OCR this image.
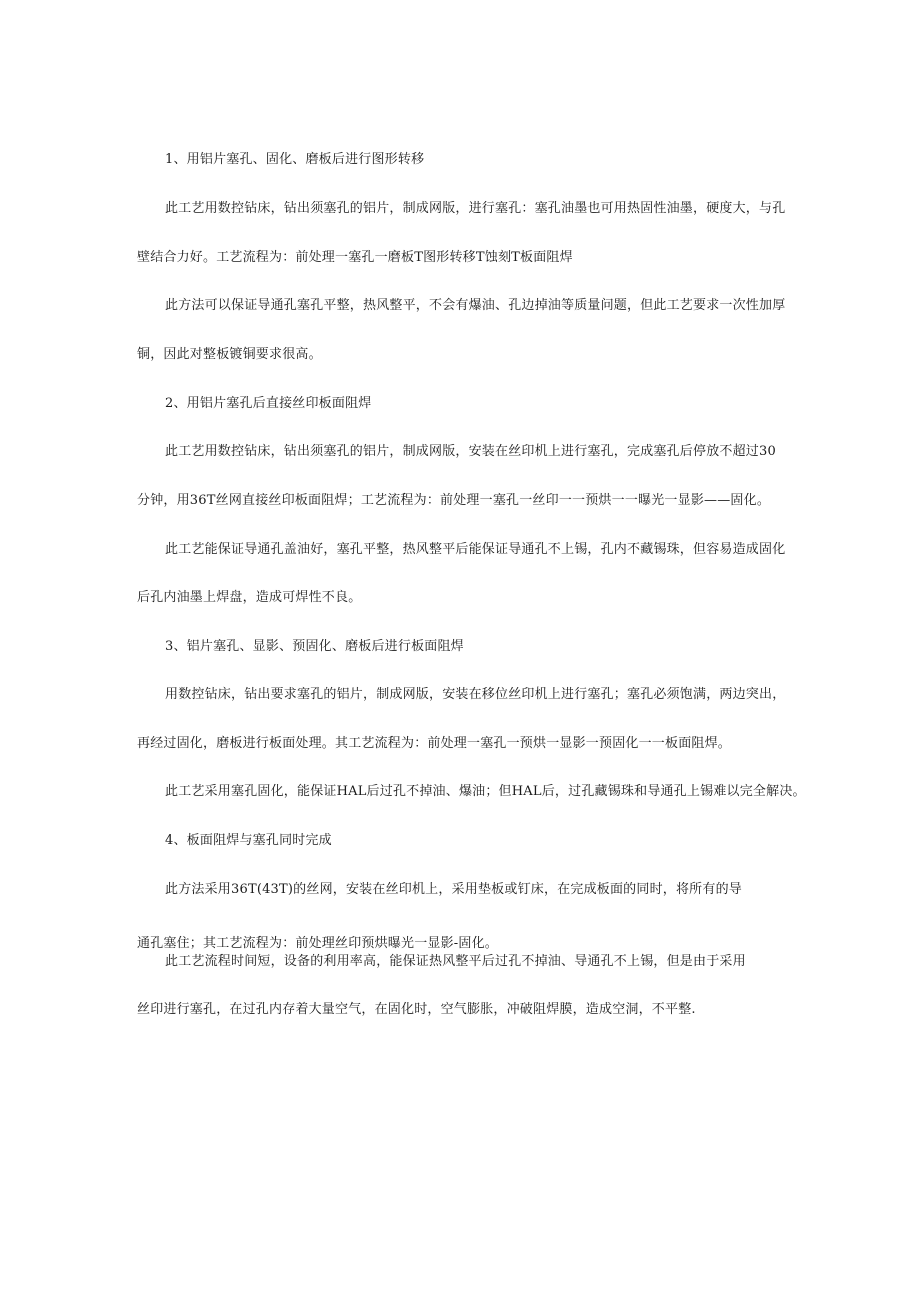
1、用铝片塞孔、固化、磨板后进行图形转移
此工艺用数控钻床，钻出须塞孔的铝片，制成网版，进行塞孔：塞孔油墨也可用热固性油墨，硬度大，与孔
壁结合力好。工艺流程为：前处理一塞孔一磨板T图形转移T蚀刻T板面阻焊
此方法可以保证导通孔塞孔平整，热风整平，不会有爆油、孔边掉油等质量问题，但此工艺要求一次性加厚
铜，因此对整板镀铜要求很高。
2、用铝片塞孔后直接丝印板面阻焊
此工艺用数控钻床，钻出须塞孔的铝片，制成网版，安装在丝印机上进行塞孔，完成塞孔后停放不超过30
分钟，用36T丝网直接丝印板面阻焊；工艺流程为：前处理一塞孔一丝印一一预烘一一曝光一显影——固化。
此工艺能保证导通孔盖油好，塞孔平整，热风整平后能保证导通孔不上锡，孔内不藏锡珠，但容易造成固化
后孔内油墨上焊盘，造成可焊性不良。
3、铝片塞孔、显影、预固化、磨板后进行板面阻焊
用数控钻床，钻出要求塞孔的铝片，制成网版，安装在移位丝印机上进行塞孔；塞孔必须饱满，两边突出，
再经过固化，磨板进行板面处理。其工艺流程为：前处理一塞孔一预烘一显影一预固化一一板面阻焊。
此工艺采用塞孔固化，能保证HAL后过孔不掉油、爆油；但HAL后，过孔藏锡珠和导通孔上锡难以完全解决。
4、板面阻焊与塞孔同时完成
此方法采用36T(43T)的丝网，安装在丝印机上，采用垫板或钉床，在完成板面的同时，将所有的导
通孔塞住；其工艺流程为：前处理丝印预烘曝光一显影-固化。
此工艺流程时间短，设备的利用率高，能保证热风整平后过孔不掉油、导通孔不上锡，但是由于采用
丝印进行塞孔，在过孔内存着大量空气，在固化时，空气膨胀，冲破阻焊膜，造成空洞，不平整.
